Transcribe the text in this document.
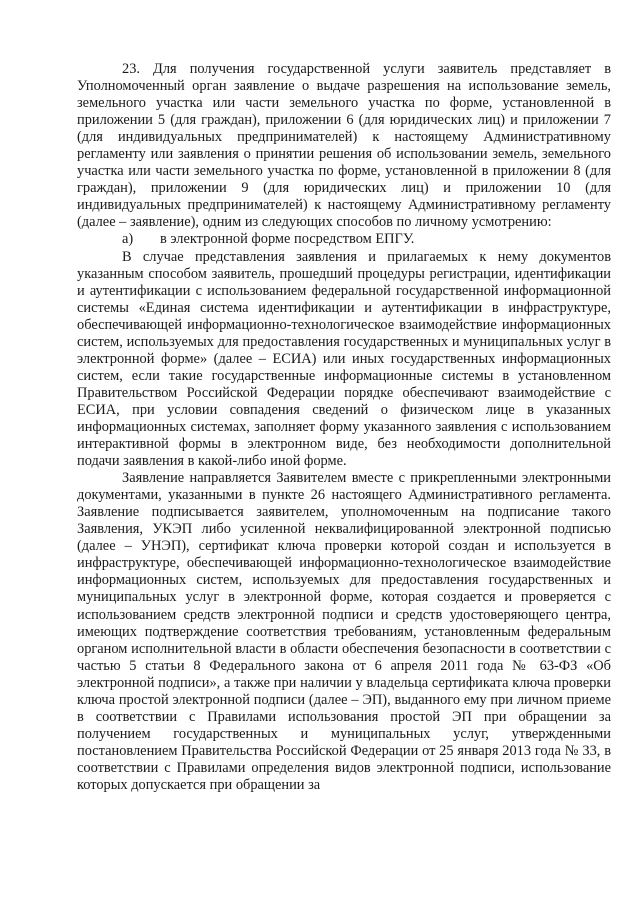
23. Для получения государственной услуги заявитель представляет в Уполномоченный орган заявление о выдаче разрешения на использование земель, земельного участка или части земельного участка по форме, установленной в приложении 5 (для граждан), приложении 6 (для юридических лиц) и приложении 7 (для индивидуальных предпринимателей) к настоящему Административному регламенту или заявления о принятии решения об использовании земель, земельного участка или части земельного участка по форме, установленной в приложении 8 (для граждан), приложении 9 (для юридических лиц) и приложении 10 (для индивидуальных предпринимателей) к настоящему Административному регламенту (далее – заявление), одним из следующих способов по личному усмотрению:

а) в электронной форме посредством ЕПГУ.

В случае представления заявления и прилагаемых к нему документов указанным способом заявитель, прошедший процедуры регистрации, идентификации и аутентификации с использованием федеральной государственной информационной системы «Единая система идентификации и аутентификации в инфраструктуре, обеспечивающей информационно-технологическое взаимодействие информационных систем, используемых для предоставления государственных и муниципальных услуг в электронной форме» (далее – ЕСИА) или иных государственных информационных систем, если такие государственные информационные системы в установленном Правительством Российской Федерации порядке обеспечивают взаимодействие с ЕСИА, при условии совпадения сведений о физическом лице в указанных информационных системах, заполняет форму указанного заявления с использованием интерактивной формы в электронном виде, без необходимости дополнительной подачи заявления в какой-либо иной форме.

Заявление направляется Заявителем вместе с прикрепленными электронными документами, указанными в пункте 26 настоящего Административного регламента. Заявление подписывается заявителем, уполномоченным на подписание такого Заявления, УКЭП либо усиленной неквалифицированной электронной подписью (далее – УНЭП), сертификат ключа проверки которой создан и используется в инфраструктуре, обеспечивающей информационно-технологическое взаимодействие информационных систем, используемых для предоставления государственных и муниципальных услуг в электронной форме, которая создается и проверяется с использованием средств электронной подписи и средств удостоверяющего центра, имеющих подтверждение соответствия требованиям, установленным федеральным органом исполнительной власти в области обеспечения безопасности в соответствии с частью 5 статьи 8 Федерального закона от 6 апреля 2011 года № 63-ФЗ «Об электронной подписи», а также при наличии у владельца сертификата ключа проверки ключа простой электронной подписи (далее – ЭП), выданного ему при личном приеме в соответствии с Правилами использования простой ЭП при обращении за получением государственных и муниципальных услуг, утвержденными постановлением Правительства Российской Федерации от 25 января 2013 года № 33, в соответствии с Правилами определения видов электронной подписи, использование которых допускается при обращении за
